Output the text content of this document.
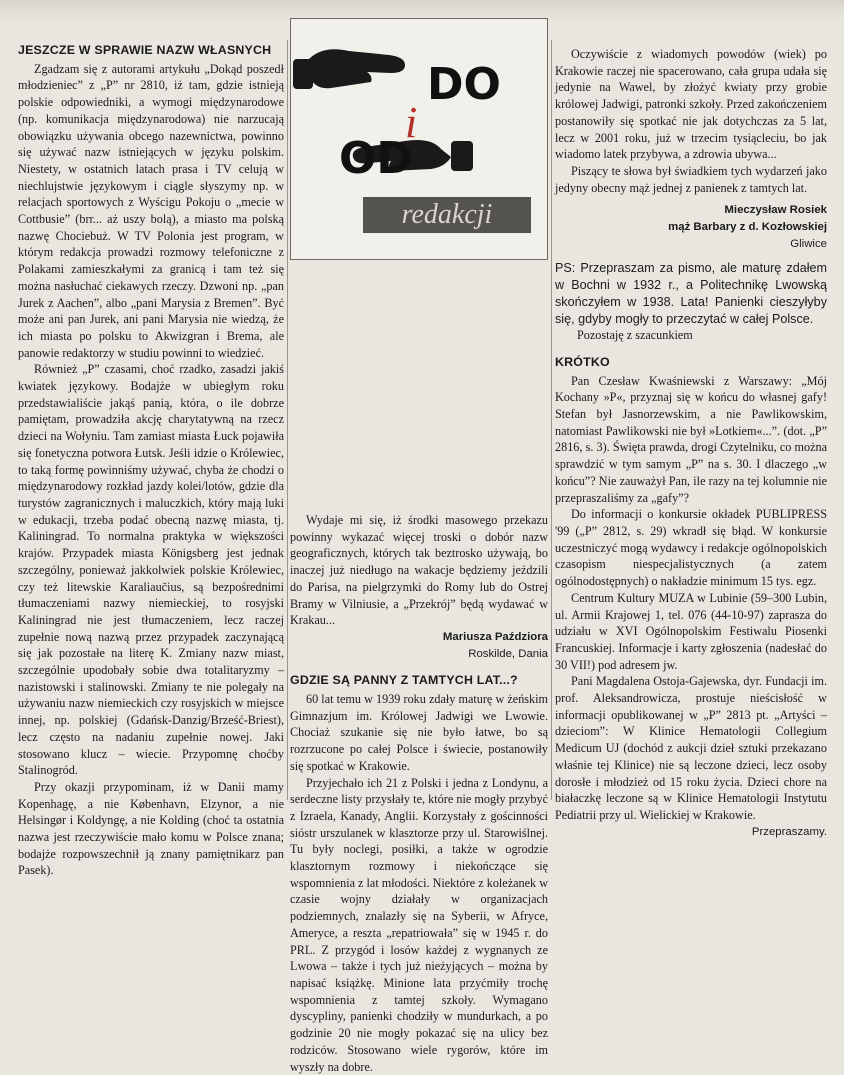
DO
i
OD
redakcji
JESZCZE W SPRAWIE NAZW WŁASNYCH

Zgadzam się z autorami artykułu „Dokąd poszedł młodzieniec” z „P” nr 2810, iż tam, gdzie istnieją polskie odpowiedniki, a wymogi międzynarodowe (np. komunikacja międzynarodowa) nie narzucają obowiązku używania obcego nazewnictwa, powinno się używać nazw istniejących w języku polskim. Niestety, w ostatnich latach prasa i TV celują w niechlujstwie językowym i ciągle słyszymy np. w relacjach sportowych z Wyścigu Pokoju o „mecie w Cottbusie” (brr... aż uszy bolą), a miasto ma polską nazwę Chociebuż. W TV Polonia jest program, w którym redakcja prowadzi rozmowy telefoniczne z Polakami zamieszkałymi za granicą i tam też się można nasłuchać ciekawych rzeczy. Dzwoni np. „pan Jurek z Aachen”, albo „pani Marysia z Bremen”. Być może ani pan Jurek, ani pani Marysia nie wiedzą, że ich miasta po polsku to Akwizgran i Brema, ale panowie redaktorzy w studiu powinni to wiedzieć.

Również „P” czasami, choć rzadko, zasadzi jakiś kwiatek językowy. Bodajże w ubiegłym roku przedstawialiście jakąś panią, która, o ile dobrze pamiętam, prowadziła akcję charytatywną na rzecz dzieci na Wołyniu. Tam zamiast miasta Łuck pojawiła się fonetyczna potwora Łutsk. Jeśli idzie o Królewiec, to taką formę powinniśmy używać, chyba że chodzi o międzynarodowy rozkład jazdy kolei/lotów, gdzie dla turystów zagranicznych i maluczkich, który mają luki w edukacji, trzeba podać obecną nazwę miasta, tj. Kaliningrad. To normalna praktyka w większości krajów. Przypadek miasta Königsberg jest jednak szczególny, ponieważ jakkolwiek polskie Królewiec, czy też litewskie Karaliaučius, są bezpośrednimi tłumaczeniami nazwy niemieckiej, to rosyjski Kaliningrad nie jest tłumaczeniem, lecz raczej zupełnie nową nazwą przez przypadek zaczynającą się jak pozostałe na literę K. Zmiany nazw miast, szczególnie upodobały sobie dwa totalitaryzmy – nazistowski i stalinowski. Zmiany te nie polegały na używaniu nazw niemieckich czy rosyjskich w miejsce innej, np. polskiej (Gdańsk-Danzig/Brześć-Briest), lecz często na nadaniu zupełnie nowej. Jaki stosowano klucz – wiecie. Przypomnę choćby Stalinogród.

Przy okazji przypominam, iż w Danii mamy Kopenhagę, a nie København, Elzynor, a nie Helsingør i Koldyngę, a nie Kolding (choć ta ostatnia nazwa jest rzeczywiście mało komu w Polsce znana; bodajże rozpowszechnił ją znany pamiętnikarz pan Pasek).

Wydaje mi się, iż środki masowego przekazu powinny wykazać więcej troski o dobór nazw geograficznych, których tak beztrosko używają, bo inaczej już niedługo na wakacje będziemy jeździli do Parisa, na pielgrzymki do Romy lub do Ostrej Bramy w Vilniusie, a „Przekrój” będą wydawać w Krakau...

Mariusza Paździora

Roskilde, Dania

GDZIE SĄ PANNY Z TAMTYCH LAT...?

60 lat temu w 1939 roku zdały maturę w żeńskim Gimnazjum im. Królowej Jadwigi we Lwowie. Chociaż szukanie się nie było łatwe, bo są rozrzucone po całej Polsce i świecie, postanowiły się spotkać w Krakowie.

Przyjechało ich 21 z Polski i jedna z Londynu, a serdeczne listy przysłały te, które nie mogły przybyć z Izraela, Kanady, Anglii. Korzystały z gościnności sióstr urszulanek w klasztorze przy ul. Starowiślnej. Tu były noclegi, posiłki, a także w ogrodzie klasztornym rozmowy i niekończące się wspomnienia z lat młodości. Niektóre z koleżanek w czasie wojny działały w organizacjach podziemnych, znalazły się na Syberii, w Afryce, Ameryce, a reszta „repatriowała” się w 1945 r. do PRL. Z przygód i losów każdej z wygnanych ze Lwowa – także i tych już nieżyjących – można by napisać książkę. Minione lata przyćmiły trochę wspomnienia z tamtej szkoły. Wymagano dyscypliny, panienki chodziły w mundurkach, a po godzinie 20 nie mogły pokazać się na ulicy bez rodziców. Stosowano wiele rygorów, które im wyszły na dobre.

Oczywiście z wiadomych powodów (wiek) po Krakowie raczej nie spacerowano, cała grupa udała się jedynie na Wawel, by złożyć kwiaty przy grobie królowej Jadwigi, patronki szkoły. Przed zakończeniem postanowiły się spotkać nie jak dotychczas za 5 lat, lecz w 2001 roku, już w trzecim tysiącleciu, bo jak wiadomo latek przybywa, a zdrowia ubywa...

Piszący te słowa był świadkiem tych wydarzeń jako jedyny obecny mąż jednej z panienek z tamtych lat.

Mieczysław Rosiek

mąż Barbary z d. Kozłowskiej

Gliwice

PS: Przepraszam za pismo, ale maturę zdałem w Bochni w 1932 r., a Politechnikę Lwowską skończyłem w 1938. Lata! Panienki cieszyłyby się, gdyby mogły to przeczytać w całej Polsce.

Pozostaję z szacunkiem

KRÓTKO

Pan Czesław Kwaśniewski z Warszawy: „Mój Kochany »P«, przyznaj się w końcu do własnej gafy! Stefan był Jasnorzewskim, a nie Pawlikowskim, natomiast Pawlikowski nie był »Lotkiem«...”. (dot. „P” 2816, s. 3). Święta prawda, drogi Czytelniku, co można sprawdzić w tym samym „P” na s. 30. I dlaczego „w końcu”? Nie zauważył Pan, ile razy na tej kolumnie nie przepraszaliśmy za „gafy”?

Do informacji o konkursie okładek PUBLIPRESS '99 („P” 2812, s. 29) wkradł się błąd. W konkursie uczestniczyć mogą wydawcy i redakcje ogólnopolskich czasopism niespecjalistycznych (a zatem ogólnodostępnych) o nakładzie minimum 15 tys. egz.

Centrum Kultury MUZA w Lubinie (59–300 Lubin, ul. Armii Krajowej 1, tel. 076 (44-10-97) zaprasza do udziału w XVI Ogólnopolskim Festiwalu Piosenki Francuskiej. Informacje i karty zgłoszenia (nadesłać do 30 VII!) pod adresem jw.

Pani Magdalena Ostoja-Gajewska, dyr. Fundacji im. prof. Aleksandrowicza, prostuje nieścisłość w informacji opublikowanej w „P” 2813 pt. „Artyści – dzieciom”: W Klinice Hematologii Collegium Medicum UJ (dochód z aukcji dzieł sztuki przekazano właśnie tej Klinice) nie są leczone dzieci, lecz osoby dorosłe i młodzież od 15 roku życia. Dzieci chore na białaczkę leczone są w Klinice Hematologii Instytutu Pediatrii przy ul. Wielickiej w Krakowie.

Przepraszamy.
